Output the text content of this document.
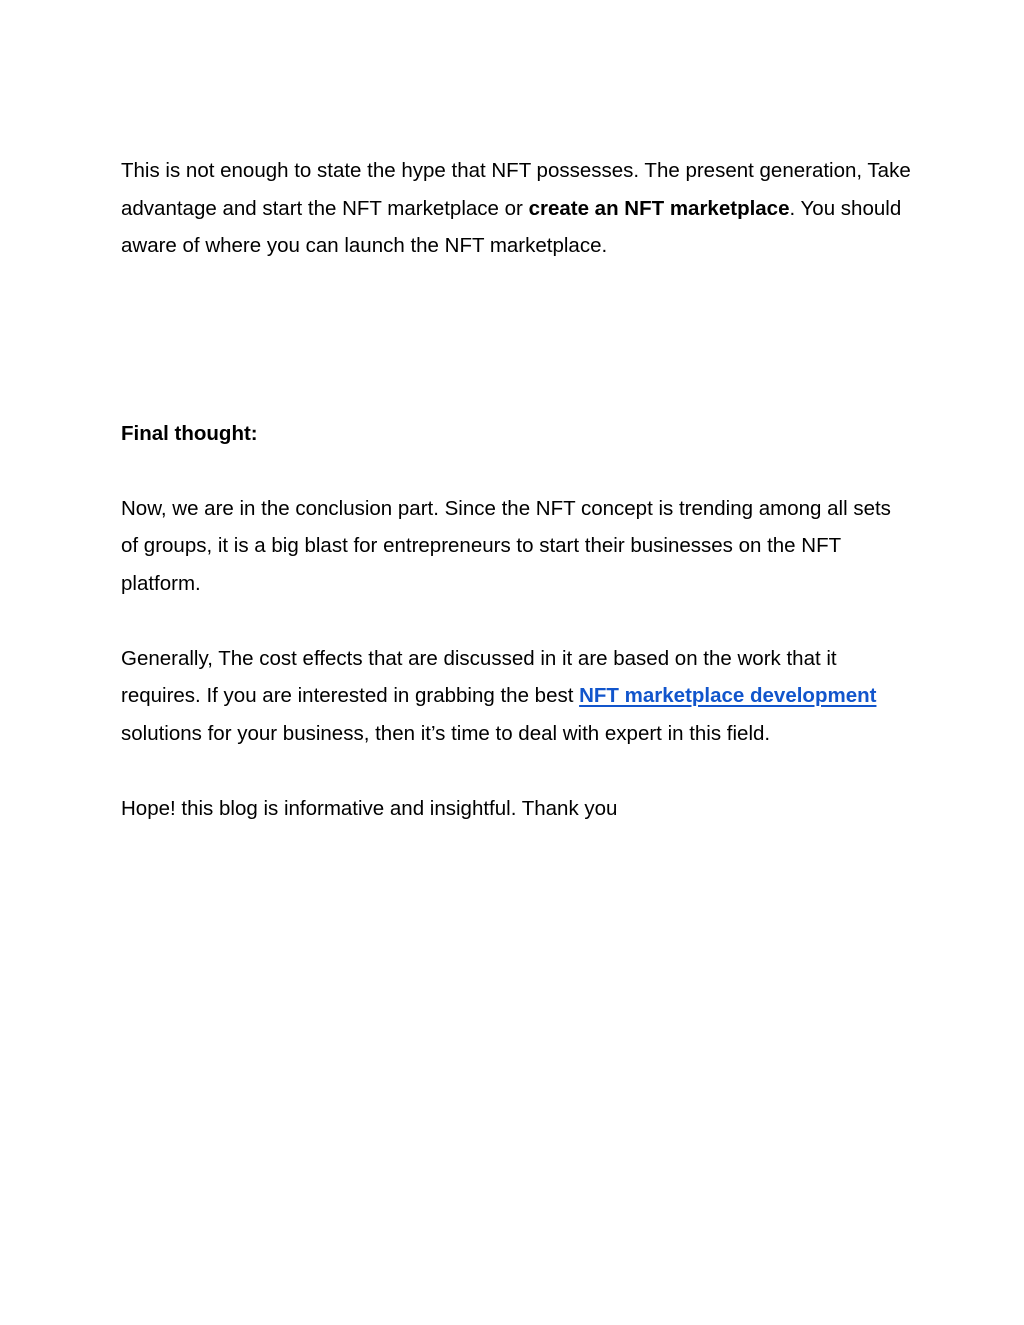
This is not enough to state the hype that NFT possesses. The present generation, Take advantage and start the NFT marketplace or create an NFT marketplace. You should aware of where you can launch the NFT marketplace.

Final thought:

Now, we are in the conclusion part. Since the NFT concept is trending among all sets of groups, it is a big blast for entrepreneurs to start their businesses on the NFT platform.

Generally, The cost effects that are discussed in it are based on the work that it requires. If you are interested in grabbing the best NFT marketplace development solutions for your business, then it’s time to deal with expert in this field.

Hope! this blog is informative and insightful. Thank you
